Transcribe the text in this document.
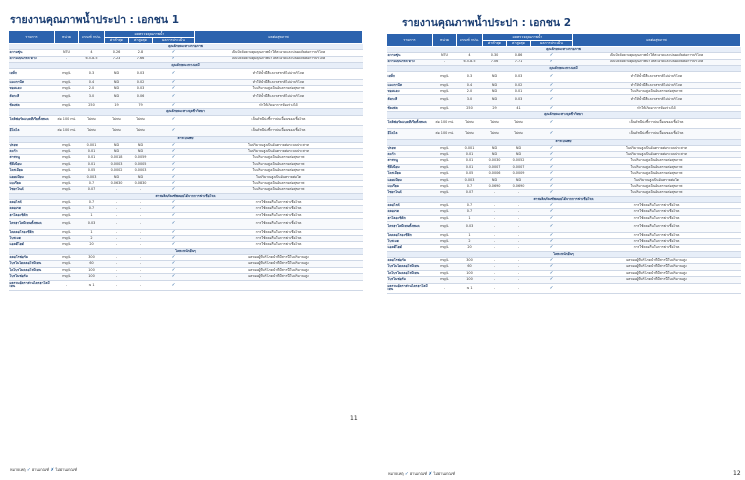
รายงานคุณภาพน้ำประปา : เอกชน 1
รายการ	หน่วย	เกณฑ์ กปน.	ผลตรวจคุณภาพน้ำ			ผลต่อสุขภาพ
			ค่าต่ำสุด	ค่าสูงสุด	ผลการประเมิน	
คุณลักษณะทางกายภาพ						
ความขุ่น	NTU	4	0.26	2.8	✓	เป็นปัจจัยควบคุมคุณภาพน้ำให้สะอาดและปลอดภัยต่อการบริโภค
ความเป็นกรด-ด่าง	-	6.5-8.5	7.23	7.66	✓	เป็นปัจจัยควบคุมคุณภาพน้ำให้สะอาดและปลอดภัยต่อการบริโภค
คุณลักษณะทางเคมี						
เหล็ก	mg/L	0.3	ND	0.03	✓	ทำให้น้ำมีสีและรสชาติไม่น่าบริโภค
แมงกานีส	mg/L	0.4	ND	0.02	✓	ทำให้น้ำมีสีและรสชาติไม่น่าบริโภค
ทองแดง	mg/L	2.0	ND	0.03	✓	ในปริมาณสูงเป็นอันตรายต่อสุขภาพ
สังกะสี	mg/L	3.0	ND	0.06	✓	ทำให้น้ำมีสีและรสชาติไม่น่าบริโภค
ซัลเฟต	mg/L	250	19	79	✓	ทำให้เกิดอาการท้องร่วงได้
คุณลักษณะทางจุลชีววิทยา						
โคลิฟอร์มแบคทีเรียทั้งหมด	ต่อ 100 mL	ไม่พบ	ไม่พบ	ไม่พบ	✓	เป็นดัชนีบ่งชี้การปนเปื้อนของเชื้อโรค
อีโคไล	ต่อ 100 mL	ไม่พบ	ไม่พบ	ไม่พบ	✓	เป็นดัชนีบ่งชี้การปนเปื้อนของเชื้อโรค
สารเป็นพิษ						
ปรอท	mg/L	0.001	ND	ND	✓	ในปริมาณสูงเป็นอันตรายต่อระบบประสาท
ตะกั่ว	mg/L	0.01	ND	ND	✓	ในปริมาณสูงเป็นอันตรายต่อระบบประสาท
สารหนู	mg/L	0.01	0.0018	0.0059	✓	ในปริมาณสูงเป็นอันตรายต่อสุขภาพ
ซีลีเนียม	mg/L	0.01	0.0003	0.0005	✓	ในปริมาณสูงเป็นอันตรายต่อสุขภาพ
โครเมียม	mg/L	0.05	0.0002	0.0003	✓	ในปริมาณสูงเป็นอันตรายต่อสุขภาพ
แคดเมียม	mg/L	0.003	ND	ND	✓	ในปริมาณสูงเป็นอันตรายต่อไต
แบเรียม	mg/L	0.7	0.0630	0.0830	✓	ในปริมาณสูงเป็นอันตรายต่อสุขภาพ
ไซยาไนด์	mg/L	0.07	-	-	✓	ในปริมาณสูงเป็นอันตรายต่อสุขภาพ
สารผลิตภัณฑ์พลอยได้จากการฆ่าเชื้อโรค						
คลอไรต์	mg/L	0.7	-	-	✓	การใช้คลอรีนในการฆ่าเชื้อโรค
คลอเรต	mg/L	0.7	-	-	✓	การใช้คลอรีนในการฆ่าเชื้อโรค
ฮาโลอะซิติก	mg/L	1	-	-	✓	การใช้คลอรีนในการฆ่าเชื้อโรค
ไตรฮาโลมีเทนทั้งหมด	mg/L	0.03	-	-	✓	การใช้คลอรีนในการฆ่าเชื้อโรค
ไดคลอโรอะซีติก	mg/L	1	-	-	✓	การใช้คลอรีนในการฆ่าเชื้อโรค
โบรเมต	mg/L	2	-	-	✓	การใช้คลอรีนในการฆ่าเชื้อโรค
แอลดีไฮด์	mg/L	20	-	-	✓	การใช้คลอรีนในการฆ่าเชื้อโรค
โลหะหนักอื่นๆ						
คลอโรฟอร์ม	mg/L	300	-	-	✓	ผลของผู้ที่บริโภคน้ำที่มีสารนี้ในปริมาณสูง
โบรโมไดคลอโรมีเทน	mg/L	60	-	-	✓	ผลของผู้ที่บริโภคน้ำที่มีสารนี้ในปริมาณสูง
ไดโบรโมคลอโรมีเทน	mg/L	100	-	-	✓	ผลของผู้ที่บริโภคน้ำที่มีสารนี้ในปริมาณสูง
โบรโมฟอร์ม	mg/L	100	-	-	✓	ผลของผู้ที่บริโภคน้ำที่มีสารนี้ในปริมาณสูง
ผลรวมอัตราส่วนไตรฮาโลมีเทน	-	≤ 1	-	-	✓	
11
หมายเหตุ ✓ ผ่านเกณฑ์ ✗ ไม่ผ่านเกณฑ์
รายงานคุณภาพน้ำประปา : เอกชน 2
รายการ	หน่วย	เกณฑ์ กปน.	ผลตรวจคุณภาพน้ำ			ผลต่อสุขภาพ
			ค่าต่ำสุด	ค่าสูงสุด	ผลการประเมิน	
คุณลักษณะทางกายภาพ						
ความขุ่น	NTU	4	0.30	0.86	✓	เป็นปัจจัยควบคุมคุณภาพน้ำให้สะอาดและปลอดภัยต่อการบริโภค
ความเป็นกรด-ด่าง	-	6.5-8.5	7.06	7.71	✓	เป็นปัจจัยควบคุมคุณภาพน้ำให้สะอาดและปลอดภัยต่อการบริโภค
คุณลักษณะทางเคมี						
เหล็ก	mg/L	0.3	ND	0.03	✓	ทำให้น้ำมีสีและรสชาติไม่น่าบริโภค
แมงกานีส	mg/L	0.4	ND	0.02	✓	ทำให้น้ำมีสีและรสชาติไม่น่าบริโภค
ทองแดง	mg/L	2.0	ND	0.01	✓	ในปริมาณสูงเป็นอันตรายต่อสุขภาพ
สังกะสี	mg/L	3.0	ND	0.03	✓	ทำให้น้ำมีสีและรสชาติไม่น่าบริโภค
ซัลเฟต	mg/L	250	29	41	✓	ทำให้เกิดอาการท้องร่วงได้
คุณลักษณะทางจุลชีววิทยา						
โคลิฟอร์มแบคทีเรียทั้งหมด	ต่อ 100 mL	ไม่พบ	ไม่พบ	ไม่พบ	✓	เป็นดัชนีบ่งชี้การปนเปื้อนของเชื้อโรค
อีโคไล	ต่อ 100 mL	ไม่พบ	ไม่พบ	ไม่พบ	✓	เป็นดัชนีบ่งชี้การปนเปื้อนของเชื้อโรค
สารเป็นพิษ						
ปรอท	mg/L	0.001	ND	ND	✓	ในปริมาณสูงเป็นอันตรายต่อระบบประสาท
ตะกั่ว	mg/L	0.01	ND	ND	✓	ในปริมาณสูงเป็นอันตรายต่อระบบประสาท
สารหนู	mg/L	0.01	0.0030	0.0052	✓	ในปริมาณสูงเป็นอันตรายต่อสุขภาพ
ซีลีเนียม	mg/L	0.01	0.0007	0.0007	✓	ในปริมาณสูงเป็นอันตรายต่อสุขภาพ
โครเมียม	mg/L	0.05	0.0006	0.0009	✓	ในปริมาณสูงเป็นอันตรายต่อสุขภาพ
แคดเมียม	mg/L	0.003	ND	ND	✓	ในปริมาณสูงเป็นอันตรายต่อไต
แบเรียม	mg/L	0.7	0.0690	0.0690	✓	ในปริมาณสูงเป็นอันตรายต่อสุขภาพ
ไซยาไนด์	mg/L	0.07	-	-	✓	ในปริมาณสูงเป็นอันตรายต่อสุขภาพ
สารผลิตภัณฑ์พลอยได้จากการฆ่าเชื้อโรค						
คลอไรต์	mg/L	0.7	-	-	✓	การใช้คลอรีนในการฆ่าเชื้อโรค
คลอเรต	mg/L	0.7	-	-	✓	การใช้คลอรีนในการฆ่าเชื้อโรค
ฮาโลอะซิติก	mg/L	1	-	-	✓	การใช้คลอรีนในการฆ่าเชื้อโรค
ไตรฮาโลมีเทนทั้งหมด	mg/L	0.03	-	-	✓	การใช้คลอรีนในการฆ่าเชื้อโรค
ไดคลอโรอะซีติก	mg/L	1	-	-	✓	การใช้คลอรีนในการฆ่าเชื้อโรค
โบรเมต	mg/L	2	-	-	✓	การใช้คลอรีนในการฆ่าเชื้อโรค
แอลดีไฮด์	mg/L	20	-	-	✓	การใช้คลอรีนในการฆ่าเชื้อโรค
โลหะหนักอื่นๆ						
คลอโรฟอร์ม	mg/L	300	-	-	✓	ผลของผู้ที่บริโภคน้ำที่มีสารนี้ในปริมาณสูง
โบรโมไดคลอโรมีเทน	mg/L	60	-	-	✓	ผลของผู้ที่บริโภคน้ำที่มีสารนี้ในปริมาณสูง
ไดโบรโมคลอโรมีเทน	mg/L	100	-	-	✓	ผลของผู้ที่บริโภคน้ำที่มีสารนี้ในปริมาณสูง
โบรโมฟอร์ม	mg/L	100	-	-	✓	ผลของผู้ที่บริโภคน้ำที่มีสารนี้ในปริมาณสูง
ผลรวมอัตราส่วนไตรฮาโลมีเทน	-	≤ 1	-	-	✓	
12
หมายเหตุ ✓ ผ่านเกณฑ์ ✗ ไม่ผ่านเกณฑ์
